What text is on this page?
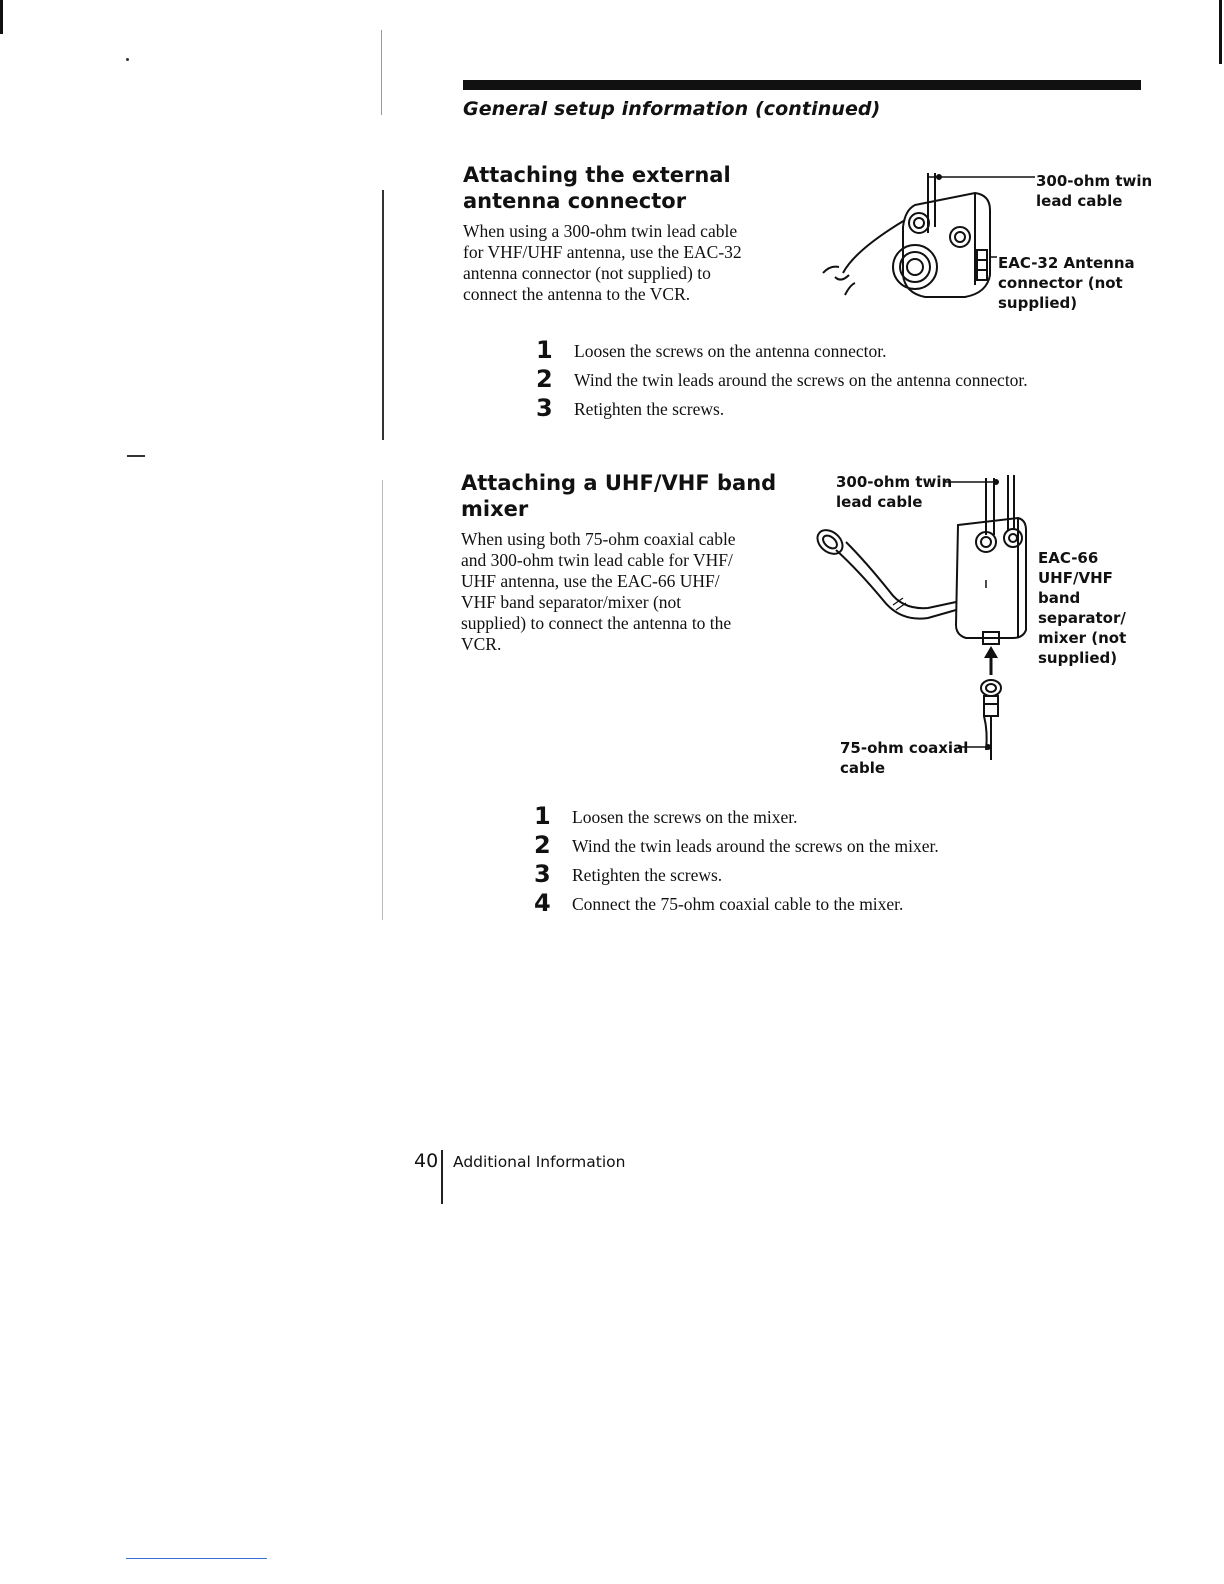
General setup information (continued)
Attaching the external
antenna connector
When using a 300-ohm twin lead cable
for VHF/UHF antenna, use the EAC-32
antenna connector (not supplied) to
connect the antenna to the VCR.
300-ohm twin
lead cable
EAC-32 Antenna
connector (not
supplied)
1 Loosen the screws on the antenna connector.
2 Wind the twin leads around the screws on the antenna connector.
3 Retighten the screws.
Attaching a UHF/VHF band
mixer
When using both 75-ohm coaxial cable
and 300-ohm twin lead cable for VHF/
UHF antenna, use the EAC-66 UHF/
VHF band separator/mixer (not
supplied) to connect the antenna to the
VCR.
300-ohm twin
lead cable
EAC-66
UHF/VHF
band
separator/
mixer (not
supplied)
75-ohm coaxial
cable
1 Loosen the screws on the mixer.
2 Wind the twin leads around the screws on the mixer.
3 Retighten the screws.
4 Connect the 75-ohm coaxial cable to the mixer.
40 Additional Information
